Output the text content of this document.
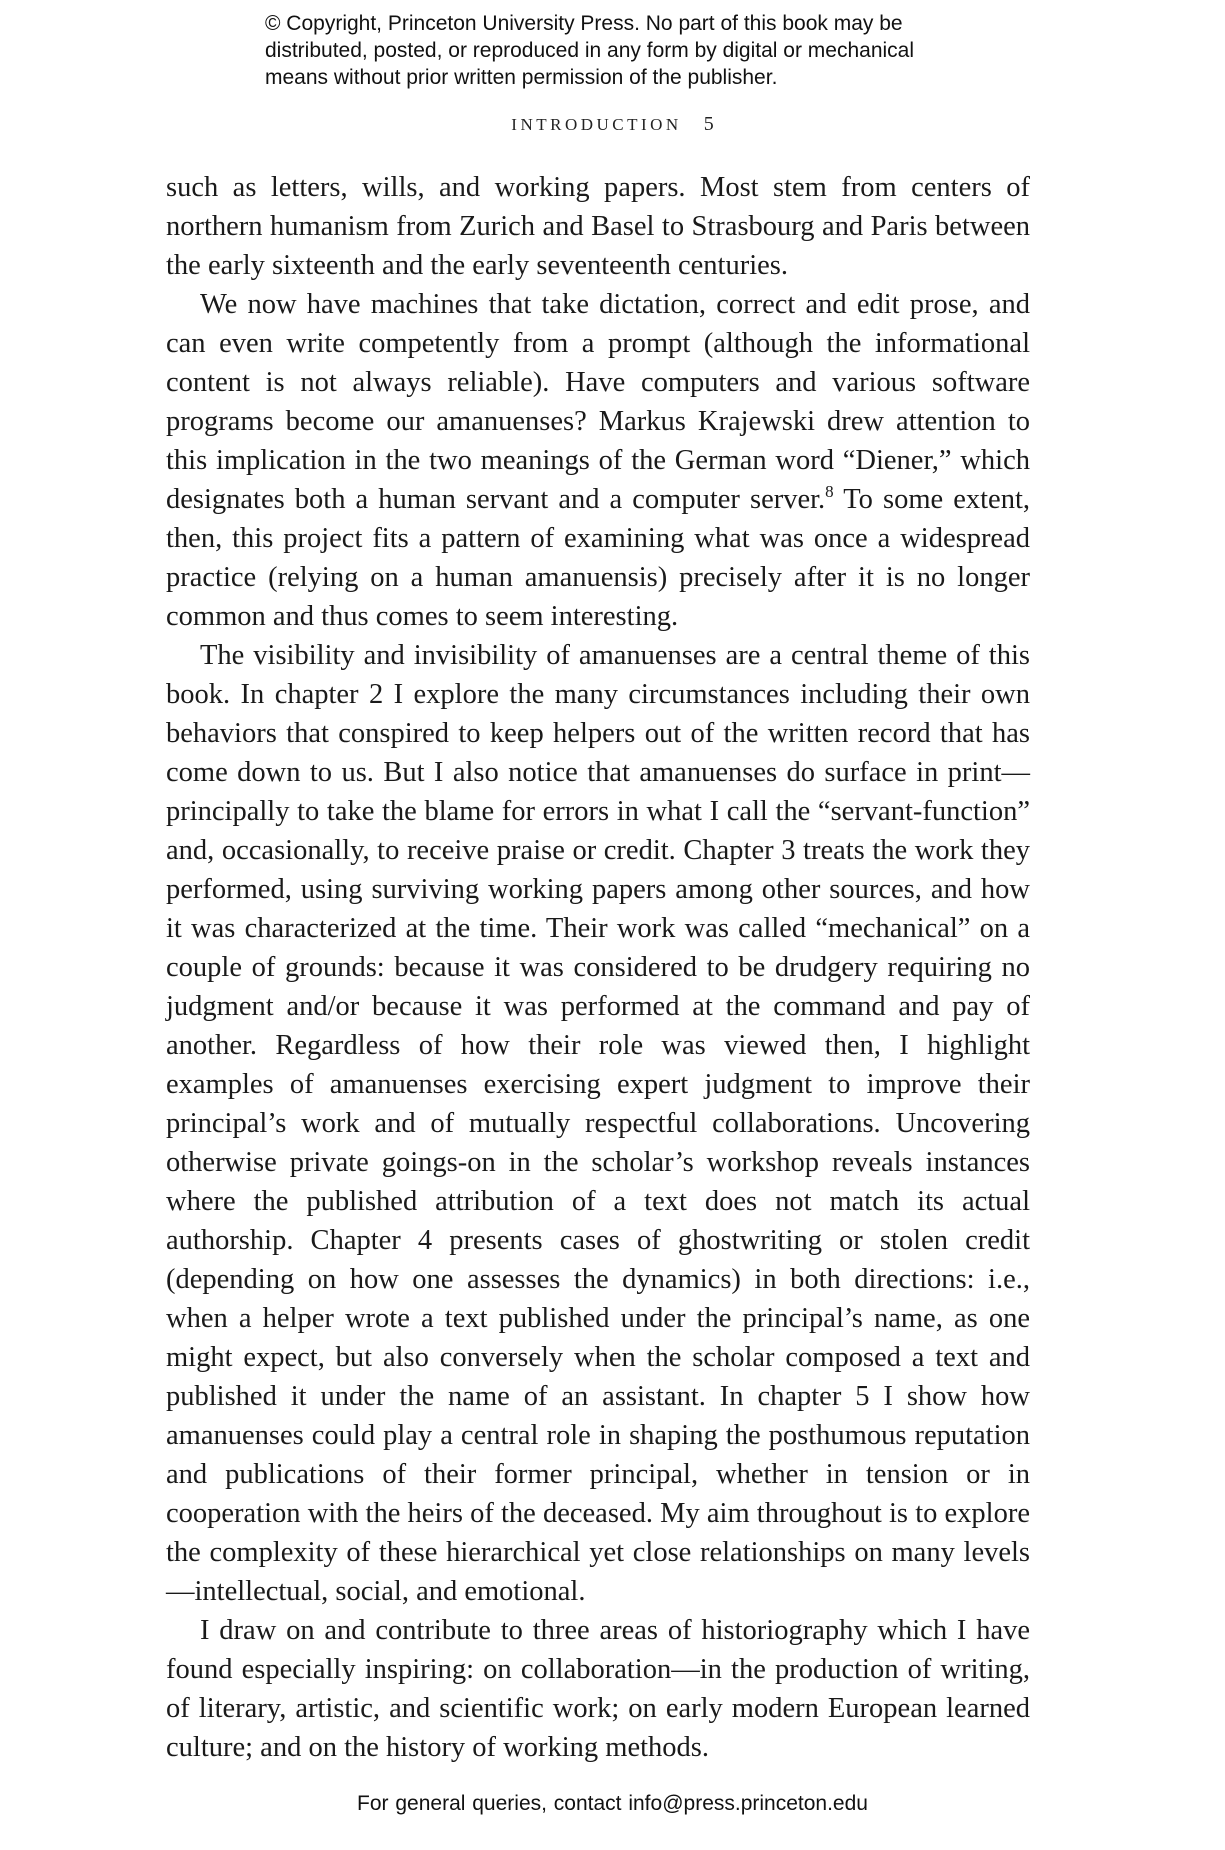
© Copyright, Princeton University Press. No part of this book may be
distributed, posted, or reproduced in any form by digital or mechanical
means without prior written permission of the publisher.
INTRODUCTION 5

such as letters, wills, and working papers. Most stem from centers of northern humanism from Zurich and Basel to Strasbourg and Paris between the early sixteenth and the early seventeenth centuries.

We now have machines that take dictation, correct and edit prose, and can even write competently from a prompt (although the informational content is not always reliable). Have computers and various software programs become our amanuenses? Markus Krajewski drew attention to this implication in the two meanings of the German word “Diener,” which designates both a human servant and a computer server.$^8$ To some extent, then, this project fits a pattern of examining what was once a widespread practice (relying on a human amanuensis) precisely after it is no longer common and thus comes to seem interesting.

The visibility and invisibility of amanuenses are a central theme of this book. In chapter 2 I explore the many circumstances including their own behaviors that conspired to keep helpers out of the written record that has come down to us. But I also notice that amanuenses do surface in print—principally to take the blame for errors in what I call the “servant-function” and, occasionally, to receive praise or credit. Chapter 3 treats the work they performed, using surviving working papers among other sources, and how it was characterized at the time. Their work was called “mechanical” on a couple of grounds: because it was considered to be drudgery requiring no judgment and/or because it was performed at the command and pay of another. Regardless of how their role was viewed then, I highlight examples of amanuenses exercising expert judgment to improve their principal’s work and of mutually respectful collaborations. Uncovering otherwise private goings-on in the scholar’s workshop reveals instances where the published attribution of a text does not match its actual authorship. Chapter 4 presents cases of ghostwriting or stolen credit (depending on how one assesses the dynamics) in both directions: i.e., when a helper wrote a text published under the principal’s name, as one might expect, but also conversely when the scholar composed a text and published it under the name of an assistant. In chapter 5 I show how amanuenses could play a central role in shaping the posthumous reputation and publications of their former principal, whether in tension or in cooperation with the heirs of the deceased. My aim throughout is to explore the complexity of these hierarchical yet close relationships on many levels—intellectual, social, and emotional.

I draw on and contribute to three areas of historiography which I have found especially inspiring: on collaboration—in the production of writing, of literary, artistic, and scientific work; on early modern European learned culture; and on the history of working methods.

For general queries, contact info@press.princeton.edu
